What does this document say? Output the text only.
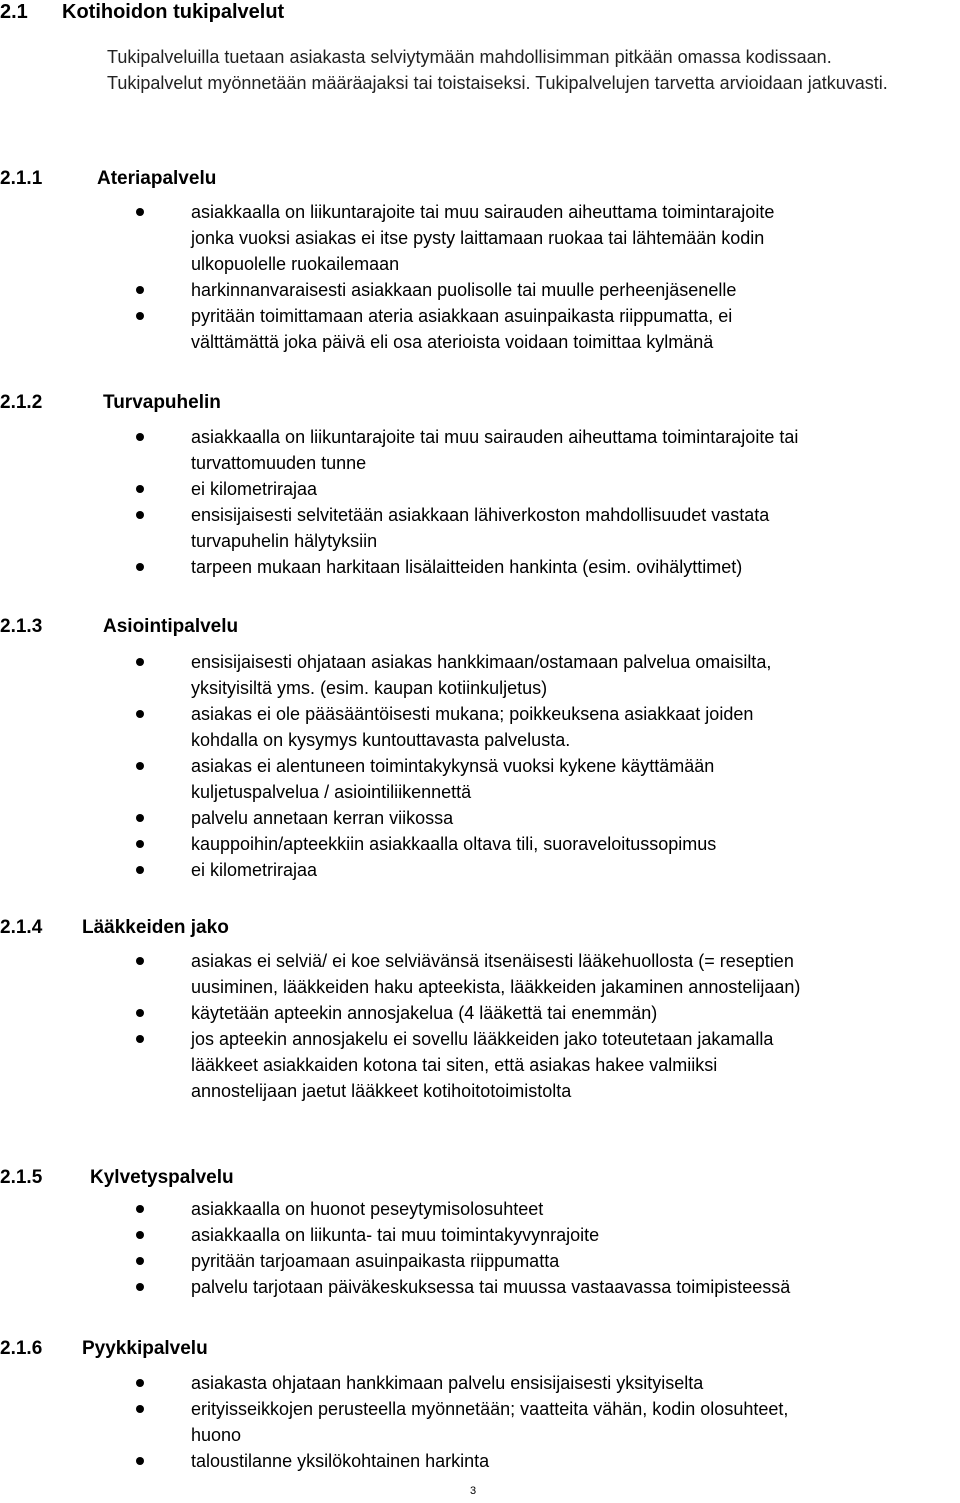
2.1 Kotihoidon tukipalvelut
Tukipalveluilla tuetaan asiakasta selviytymään mahdollisimman pitkään omassa kodissaan. Tukipalvelut myönnetään määräajaksi tai toistaiseksi. Tukipalvelujen tarvetta arvioidaan jatkuvasti.
2.1.1	Ateriapalvelu
asiakkaalla on liikuntarajoite tai muu sairauden aiheuttama toimintarajoite
jonka vuoksi asiakas ei itse pysty laittamaan ruokaa tai lähtemään kodin
ulkopuolelle ruokailemaan
harkinnanvaraisesti asiakkaan puolisolle tai muulle perheenjäsenelle
pyritään toimittamaan ateria asiakkaan asuinpaikasta riippumatta, ei
välttämättä joka päivä eli osa aterioista voidaan toimittaa kylmänä
2.1.2	Turvapuhelin
asiakkaalla on liikuntarajoite tai muu sairauden aiheuttama toimintarajoite tai
turvattomuuden tunne
ei kilometrirajaa
ensisijaisesti selvitetään asiakkaan lähiverkoston mahdollisuudet vastata
turvapuhelin hälytyksiin
tarpeen mukaan harkitaan lisälaitteiden hankinta (esim. ovihälyttimet)
2.1.3	Asiointipalvelu
ensisijaisesti ohjataan asiakas hankkimaan/ostamaan palvelua omaisilta,
yksityisiltä yms. (esim. kaupan kotiinkuljetus)
asiakas ei ole pääsääntöisesti mukana; poikkeuksena asiakkaat joiden
kohdalla on kysymys kuntouttavasta palvelusta.
asiakas ei alentuneen toimintakykynsä vuoksi kykene käyttämään
kuljetuspalvelua / asiointiliikennettä
palvelu annetaan kerran viikossa
kauppoihin/apteekkiin asiakkaalla oltava tili, suoraveloitussopimus
ei kilometrirajaa
2.1.4 Lääkkeiden jako
asiakas ei selviä/ ei koe selviävänsä itsenäisesti lääkehuollosta (= reseptien
uusiminen, lääkkeiden haku apteekista, lääkkeiden jakaminen annostelijaan)
käytetään apteekin annosjakelua (4 lääkettä tai enemmän)
jos apteekin annosjakelu ei sovellu lääkkeiden jako toteutetaan jakamalla
lääkkeet asiakkaiden kotona tai siten, että asiakas hakee valmiiksi
annostelijaan jaetut lääkkeet kotihoitotoimistolta
2.1.5	Kylvetyspalvelu
asiakkaalla on huonot peseytymisolosuhteet
asiakkaalla on liikunta- tai muu toimintakyvynrajoite
pyritään tarjoamaan asuinpaikasta riippumatta
palvelu tarjotaan päiväkeskuksessa tai muussa vastaavassa toimipisteessä
2.1.6 Pyykkipalvelu
asiakasta ohjataan hankkimaan palvelu ensisijaisesti yksityiselta
erityisseikkojen perusteella myönnetään; vaatteita vähän, kodin olosuhteet,
huono
taloustilanne yksilökohtainen harkinta
3
